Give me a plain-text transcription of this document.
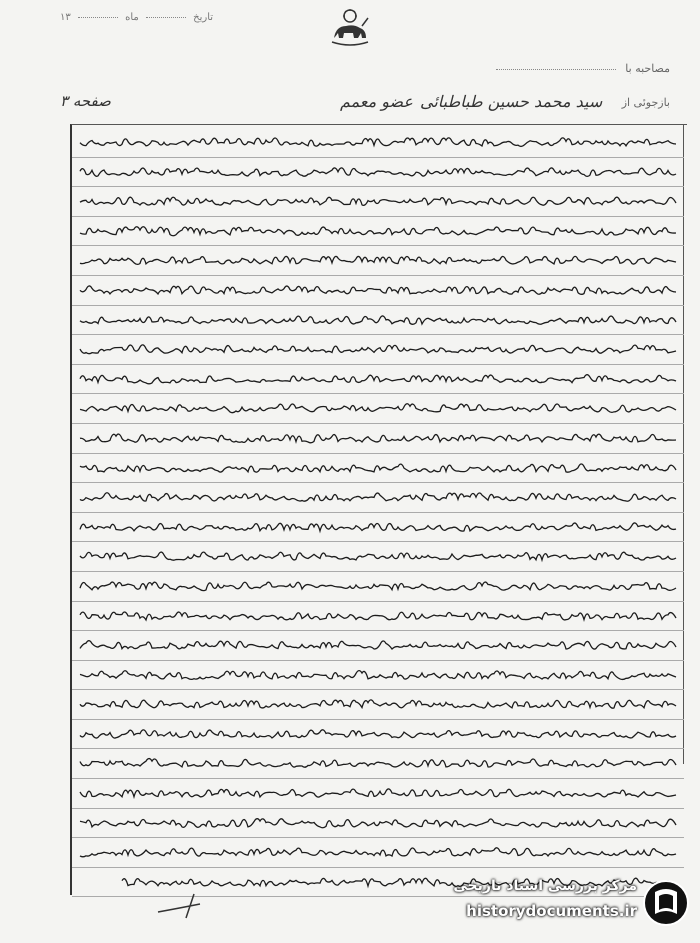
تاریخ  ماه  ۱۳
مصاحبه با
بازجوئی از
سید محمد حسین طباطبائی
عضو معمم
صفحه ۳
مرکز بررسی اسناد تاریخی
historydocuments.ir
